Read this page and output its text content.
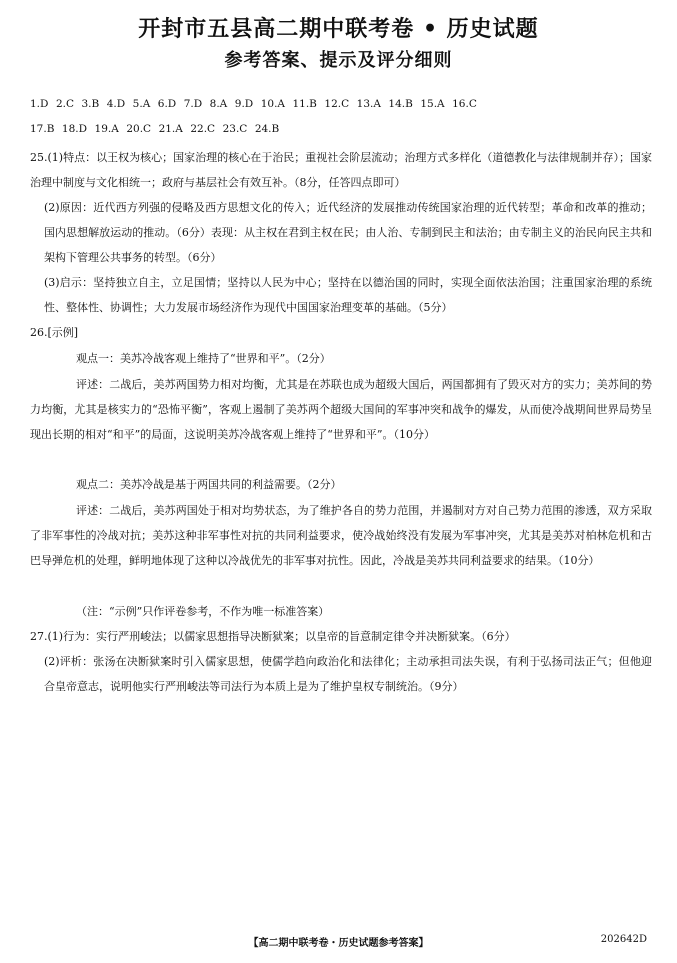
开封市五县高二期中联考卷 • 历史试题
参考答案、提示及评分细则
1.D 2.C 3.B 4.D 5.A 6.D 7.D 8.A 9.D 10.A 11.B 12.C 13.A 14.B 15.A 16.C
17.B 18.D 19.A 20.C 21.A 22.C 23.C 24.B
25.(1)特点：以王权为核心；国家治理的核心在于治民；重视社会阶层流动；治理方式多样化（道德教化与法律规制并存）；国家治理中制度与文化相统一；政府与基层社会有效互补。（8分，任答四点即可）
(2)原因：近代西方列强的侵略及西方思想文化的传入；近代经济的发展推动传统国家治理的近代转型；革命和改革的推动；国内思想解放运动的推动。（6分）表现：从主权在君到主权在民；由人治、专制到民主和法治；由专制主义的治民向民主共和架构下管理公共事务的转型。（6分）
(3)启示：坚持独立自主，立足国情；坚持以人民为中心；坚持在以德治国的同时，实现全面依法治国；注重国家治理的系统性、整体性、协调性；大力发展市场经济作为现代中国国家治理变革的基础。（5分）
26.[示例]
观点一：美苏冷战客观上维持了“世界和平”。（2分）
评述：二战后，美苏两国势力相对均衡，尤其是在苏联也成为超级大国后，两国都拥有了毁灭对方的实力；美苏间的势力均衡，尤其是核实力的“恐怖平衡”，客观上遏制了美苏两个超级大国间的军事冲突和战争的爆发，从而使冷战期间世界局势呈现出长期的相对“和平”的局面，这说明美苏冷战客观上维持了“世界和平”。（10分）
观点二：美苏冷战是基于两国共同的利益需要。（2分）
评述：二战后，美苏两国处于相对均势状态，为了维护各自的势力范围，并遏制对方对自己势力范围的渗透，双方采取了非军事性的冷战对抗；美苏这种非军事性对抗的共同利益要求，使冷战始终没有发展为军事冲突，尤其是美苏对柏林危机和古巴导弹危机的处理，鲜明地体现了这种以冷战优先的非军事对抗性。因此，冷战是美苏共同利益要求的结果。（10分）
（注：“示例”只作评卷参考，不作为唯一标准答案）
27.(1)行为：实行严刑峻法；以儒家思想指导决断狱案；以皇帝的旨意制定律令并决断狱案。（6分）
(2)评析：张汤在决断狱案时引入儒家思想，使儒学趋向政治化和法律化；主动承担司法失误，有利于弘扬司法正气；但他迎合皇帝意志，说明他实行严刑峻法等司法行为本质上是为了维护皇权专制统治。（9分）
【高二期中联考卷・历史试题参考答案】	202642D
